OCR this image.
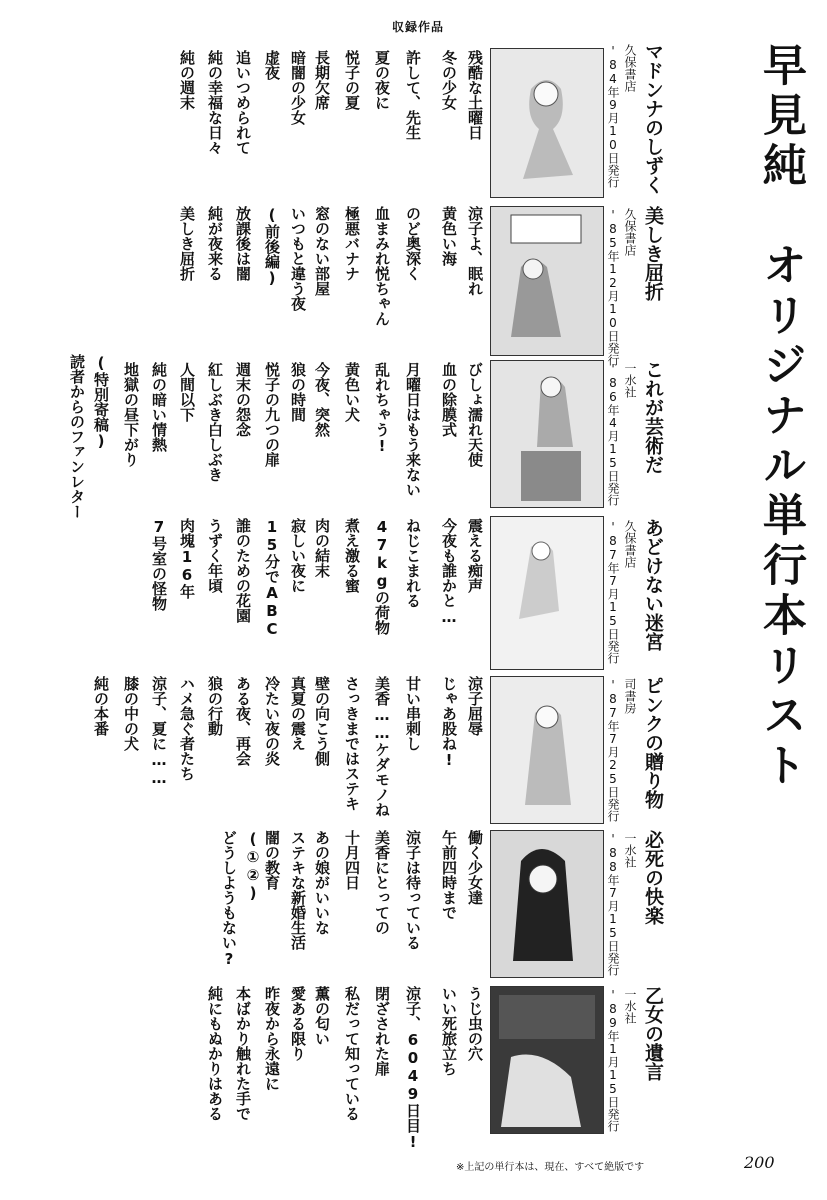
早見純　オリジナル単行本リスト
収録作品
マドンナのしずく
久保書店
'84年9月10日発行
残酷な土曜日
冬の少女
許して、先生
夏の夜に
悦子の夏
長期欠席
暗闇の少女
虚夜
追いつめられて
純の幸福な日々
純の週末
美しき屈折
久保書店
'85年12月10日発行
涼子よ、眠れ
黄色い海
のど奥深く
血まみれ悦ちゃん
極悪バナナ
窓のない部屋
いつもと違う夜
(前後編)
放課後は闇
純が夜来る
美しき屈折
これが芸術だ
一水社
'86年4月15日発行
びしょ濡れ天使
血の除膜式
月曜日はもう来ない
乱れちゃう!
黄色い犬
今夜、突然
狼の時間
悦子の九つの扉
週末の怨念
紅しぶき白しぶき
人間以下
純の暗い情熱
地獄の昼下がり
(特別寄稿)
読者からのファンレター
あどけない迷宮
久保書店
'87年7月15日発行
震える痴声
今夜も誰かと…
ねじこまれる
47kgの荷物
煮え激る蜜
肉の結末
寂しい夜に
15分でABC
誰のための花園
うずく年頃
肉塊16年
7号室の怪物
ピンクの贈り物
司書房
'87年7月25日発行
涼子屈辱
じゃあ股ね!
甘い串刺し
美香……ケダモノね
さっきまではステキ
壁の向こう側
真夏の震え
冷たい夜の炎
ある夜、再会
狼の行動
ハメ急ぐ者たち
涼子、夏に……
膝の中の犬
純の本番
必死の快楽
一水社
'88年7月15日発行
働く少女達
午前四時まで
涼子は待っている
美香にとっての
十月四日
あの娘がいいな
ステキな新婚生活
闇の教育
(①②)
どうしようもない?
乙女の遺言
一水社
'89年1月15日発行
うじ虫の穴
いい死旅立ち
涼子、6049日目!
閉ざされた扉
私だって知っている
薫の匂い
愛ある限り
昨夜から永遠に
本ばかり触れた手で
純にもぬかりはある
※上記の単行本は、現在、すべて絶版です	200
